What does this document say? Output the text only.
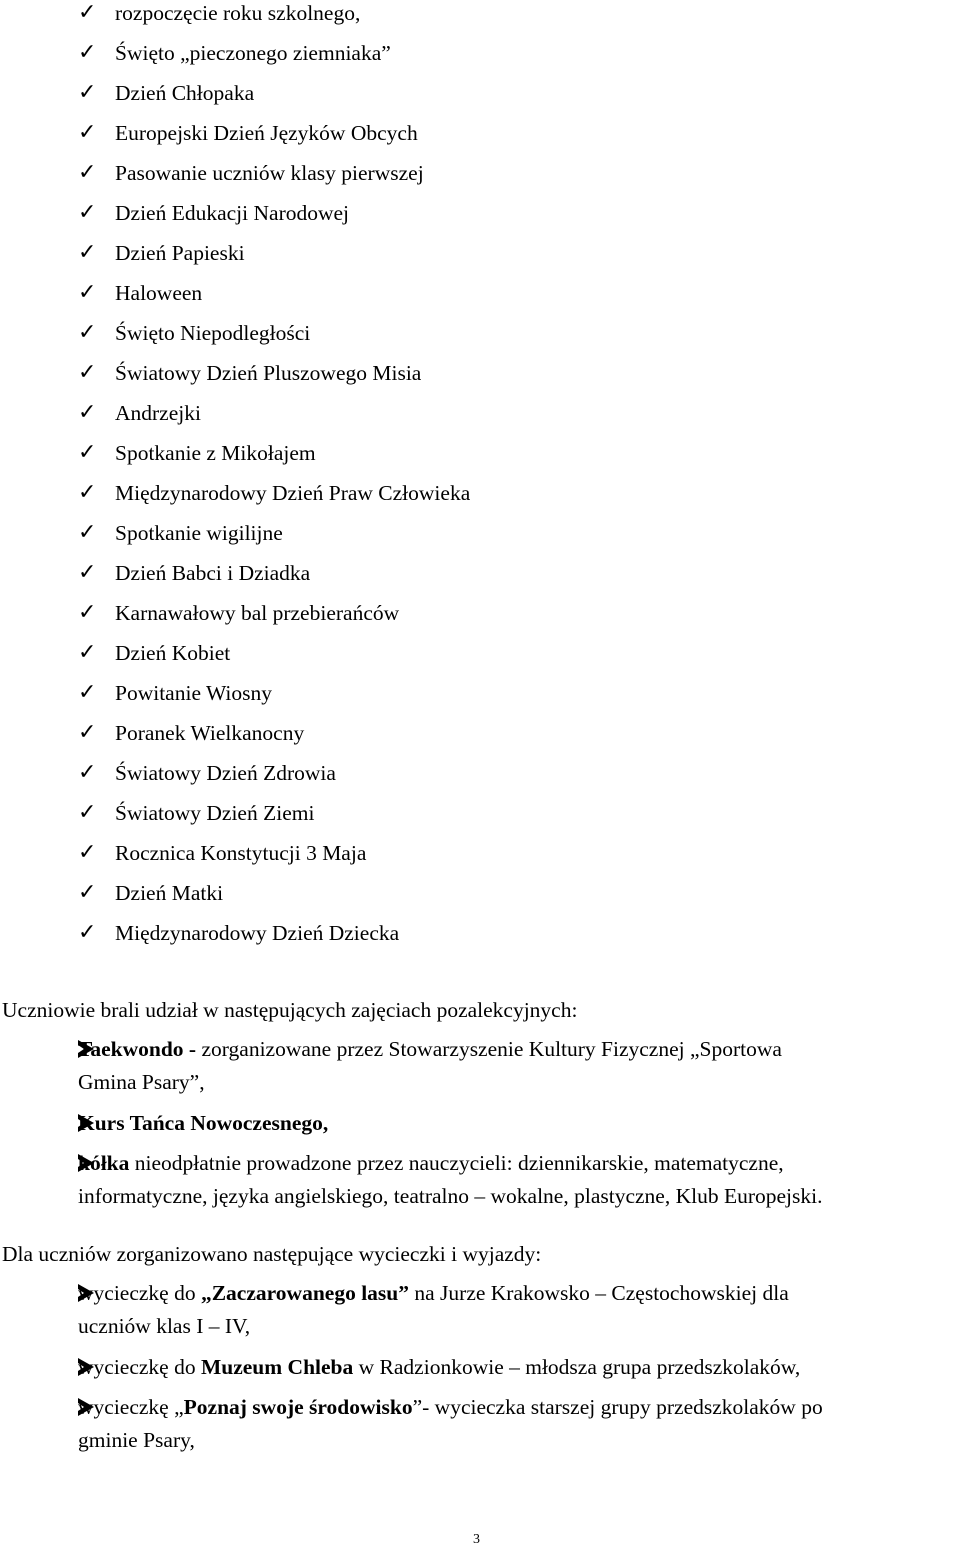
✓ rozpoczęcie roku szkolnego,
✓ Święto „pieczonego ziemniaka”
✓ Dzień Chłopaka
✓ Europejski Dzień Języków Obcych
✓ Pasowanie uczniów klasy pierwszej
✓ Dzień Edukacji Narodowej
✓ Dzień Papieski
✓ Haloween
✓ Święto Niepodległości
✓ Światowy Dzień Pluszowego Misia
✓ Andrzejki
✓ Spotkanie z Mikołajem
✓ Międzynarodowy Dzień Praw Człowieka
✓ Spotkanie wigilijne
✓ Dzień Babci i Dziadka
✓ Karnawałowy bal przebierańców
✓ Dzień Kobiet
✓ Powitanie Wiosny
✓ Poranek Wielkanocny
✓ Światowy Dzień Zdrowia
✓ Światowy Dzień Ziemi
✓ Rocznica Konstytucji 3 Maja
✓ Dzień Matki
✓ Międzynarodowy Dzień Dziecka
Uczniowie brali udział w następujących zajęciach pozalekcyjnych:
Taekwondo - zorganizowane przez Stowarzyszenie Kultury Fizycznej „Sportowa
Gmina Psary”,
Kurs Tańca Nowoczesnego,
kółka nieodpłatnie prowadzone przez nauczycieli: dziennikarskie, matematyczne,
informatyczne, języka angielskiego, teatralno – wokalne, plastyczne, Klub Europejski.
Dla uczniów zorganizowano następujące wycieczki i wyjazdy:
wycieczkę do „Zaczarowanego lasu” na Jurze Krakowsko – Częstochowskiej dla
uczniów klas I – IV,
wycieczkę do Muzeum Chleba w Radzionkowie – młodsza grupa przedszkolaków,
wycieczkę „Poznaj swoje środowisko”- wycieczka starszej grupy przedszkolaków po
gminie Psary,
3
